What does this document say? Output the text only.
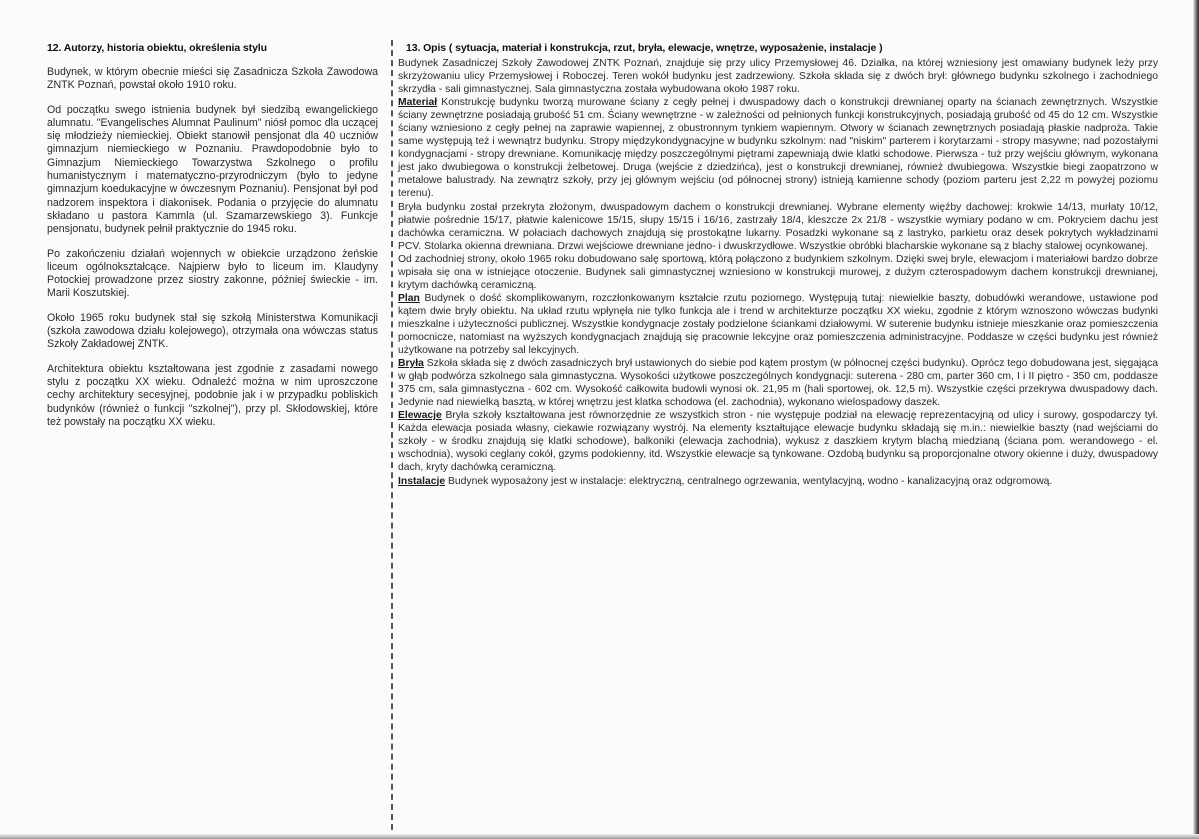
12. Autorzy, historia obiektu, określenia stylu

Budynek, w którym obecnie mieści się Zasadnicza Szkoła Zawodowa ZNTK Poznań, powstał około 1910 roku.

Od początku swego istnienia budynek był siedzibą ewangelickiego alumnatu. "Evangelisches Alumnat Paulinum" niósł pomoc dla uczącej się młodzieży niemieckiej. Obiekt stanowił pensjonat dla 40 uczniów gimnazjum niemieckiego w Poznaniu. Prawdopodobnie było to Gimnazjum Niemieckiego Towarzystwa Szkolnego o profilu humanistycznym i matematyczno-przyrodniczym (było to jedyne gimnazjum koedukacyjne w ówczesnym Poznaniu). Pensjonat był pod nadzorem inspektora i diakonisek. Podania o przyjęcie do alumnatu składano u pastora Kammla (ul. Szamarzewskiego 3). Funkcje pensjonatu, budynek pełnił praktycznie do 1945 roku.

Po zakończeniu działań wojennych w obiekcie urządzono żeńskie liceum ogólnokształcące. Najpierw było to liceum im. Klaudyny Potockiej prowadzone przez siostry zakonne, później świeckie - im. Marii Koszutskiej.

Około 1965 roku budynek stał się szkołą Ministerstwa Komunikacji (szkoła zawodowa działu kolejowego), otrzymała ona wówczas status Szkoły Zakładowej ZNTK.

Architektura obiektu kształtowana jest zgodnie z zasadami nowego stylu z początku XX wieku. Odnaleźć można w nim uproszczone cechy architektury secesyjnej, podobnie jak i w przypadku pobliskich budynków (również o funkcji "szkolnej"), przy pl. Skłodowskiej, które też powstały na początku XX wieku.

13. Opis ( sytuacja, materiał i konstrukcja, rzut, bryła, elewacje, wnętrze, wyposażenie, instalacje )

Budynek Zasadniczej Szkoły Zawodowej ZNTK Poznań, znajduje się przy ulicy Przemysłowej 46. Działka, na której wzniesiony jest omawiany budynek leży przy skrzyżowaniu ulicy Przemysłowej i Roboczej. Teren wokół budynku jest zadrzewiony. Szkoła składa się z dwóch brył: głównego budynku szkolnego i zachodniego skrzydła - sali gimnastycznej. Sala gimnastyczna została wybudowana około 1987 roku.

Materiał Konstrukcję budynku tworzą murowane ściany z cegły pełnej i dwuspadowy dach o konstrukcji drewnianej oparty na ścianach zewnętrznych. Wszystkie ściany zewnętrzne posiadają grubość 51 cm. Ściany wewnętrzne - w zależności od pełnionych funkcji konstrukcyjnych, posiadają grubość od 45 do 12 cm. Wszystkie ściany wzniesiono z cegły pełnej na zaprawie wapiennej, z obustronnym tynkiem wapiennym. Otwory w ścianach zewnętrznych posiadają płaskie nadproża. Takie same występują też i wewnątrz budynku. Stropy międzykondygnacyjne w budynku szkolnym: nad "niskim" parterem i korytarzami - stropy masywne; nad pozostałymi kondygnacjami - stropy drewniane. Komunikację między poszczególnymi piętrami zapewniają dwie klatki schodowe. Pierwsza - tuż przy wejściu głównym, wykonana jest jako dwubiegowa o konstrukcji żelbetowej. Druga (wejście z dziedzińca), jest o konstrukcji drewnianej, również dwubiegowa. Wszystkie biegi zaopatrzono w metalowe balustrady. Na zewnątrz szkoły, przy jej głównym wejściu (od północnej strony) istnieją kamienne schody (poziom parteru jest 2,22 m powyżej poziomu terenu).

Bryła budynku został przekryta złożonym, dwuspadowym dachem o konstrukcji drewnianej. Wybrane elementy więźby dachowej: krokwie 14/13, murłaty 10/12, płatwie pośrednie 15/17, płatwie kalenicowe 15/15, słupy 15/15 i 16/16, zastrzały 18/4, kleszcze 2x 21/8 - wszystkie wymiary podano w cm. Pokryciem dachu jest dachówka ceramiczna. W połaciach dachowych znajdują się prostokątne lukarny. Posadzki wykonane są z lastryko, parkietu oraz desek pokrytych wykładzinami PCV. Stolarka okienna drewniana. Drzwi wejściowe drewniane jedno- i dwuskrzydłowe. Wszystkie obróbki blacharskie wykonane są z blachy stalowej ocynkowanej.

Od zachodniej strony, około 1965 roku dobudowano salę sportową, którą połączono z budynkiem szkolnym. Dzięki swej bryle, elewacjom i materiałowi bardzo dobrze wpisała się ona w istniejące otoczenie. Budynek sali gimnastycznej wzniesiono w konstrukcji murowej, z dużym czterospadowym dachem konstrukcji drewnianej, krytym dachówką ceramiczną.

Plan Budynek o dość skomplikowanym, rozczłonkowanym kształcie rzutu poziomego. Występują tutaj: niewielkie baszty, dobudówki werandowe, ustawione pod kątem dwie bryły obiektu. Na układ rzutu wpłynęła nie tylko funkcja ale i trend w architekturze początku XX wieku, zgodnie z którym wznoszono wówczas budynki mieszkalne i użyteczności publicznej. Wszystkie kondygnacje zostały podzielone ściankami działowymi. W suterenie budynku istnieje mieszkanie oraz pomieszczenia pomocnicze, natomiast na wyższych kondygnacjach znajdują się pracownie lekcyjne oraz pomieszczenia administracyjne. Poddasze w części budynku jest również użytkowane na potrzeby sal lekcyjnych.

Bryła Szkoła składa się z dwóch zasadniczych brył ustawionych do siebie pod kątem prostym (w północnej części budynku). Oprócz tego dobudowana jest, sięgająca w głąb podwórza szkolnego sala gimnastyczna. Wysokości użytkowe poszczególnych kondygnacji: suterena - 280 cm, parter 360 cm, I i II piętro - 350 cm, poddasze 375 cm, sala gimnastyczna - 602 cm. Wysokość całkowita budowli wynosi ok. 21,95 m (hali sportowej, ok. 12,5 m). Wszystkie części przekrywa dwuspadowy dach. Jedynie nad niewielką basztą, w której wnętrzu jest klatka schodowa (el. zachodnia), wykonano wielospadowy daszek.

Elewacje Bryła szkoły kształtowana jest równorzędnie ze wszystkich stron - nie występuje podział na elewację reprezentacyjną od ulicy i surowy, gospodarczy tył. Każda elewacja posiada własny, ciekawie rozwiązany wystrój. Na elementy kształtujące elewacje budynku składają się m.in.: niewielkie baszty (nad wejściami do szkoły - w środku znajdują się klatki schodowe), balkoniki (elewacja zachodnia), wykusz z daszkiem krytym blachą miedzianą (ściana pom. werandowego - el. wschodnia), wysoki ceglany cokół, gzyms podokienny, itd. Wszystkie elewacje są tynkowane. Ozdobą budynku są proporcjonalne otwory okienne i duży, dwuspadowy dach, kryty dachówką ceramiczną.

Instalacje Budynek wyposażony jest w instalacje: elektryczną, centralnego ogrzewania, wentylacyjną, wodno - kanalizacyjną oraz odgromową.
